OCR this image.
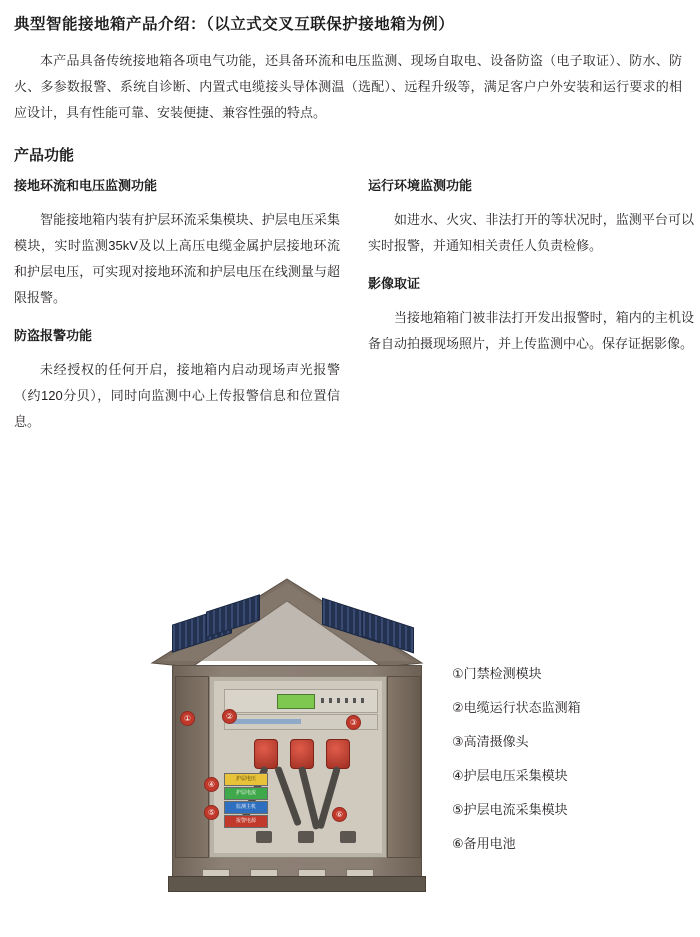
典型智能接地箱产品介绍：（以立式交叉互联保护接地箱为例）

本产品具备传统接地箱各项电气功能，还具备环流和电压监测、现场自取电、设备防盗（电子取证）、防水、防火、多参数报警、系统自诊断、内置式电缆接头导体测温（选配）、远程升级等，满足客户户外安装和运行要求的相应设计，具有性能可靠、安装便捷、兼容性强的特点。

产品功能
接地环流和电压监测功能

智能接地箱内装有护层环流采集模块、护层电压采集模块，实时监测35kV及以上高压电缆金属护层接地环流和护层电压，可实现对接地环流和护层电压在线测量与超限报警。

防盗报警功能

未经授权的任何开启，接地箱内启动现场声光报警（约120分贝），同时向监测中心上传报警信息和位置信息。

运行环境监测功能

如进水、火灾、非法打开的等状况时，监测平台可以实时报警，并通知相关责任人负责检修。

影像取证

当接地箱箱门被非法打开发出报警时，箱内的主机设备自动拍摄现场照片，并上传监测中心。保存证据影像。

护层电压
护层电流
监测主机
报警电源
ZL-8
①	②
③
④
⑤	⑥
①门禁检测模块
②电缆运行状态监测箱
③高清摄像头
④护层电压采集模块
⑤护层电流采集模块
⑥备用电池
